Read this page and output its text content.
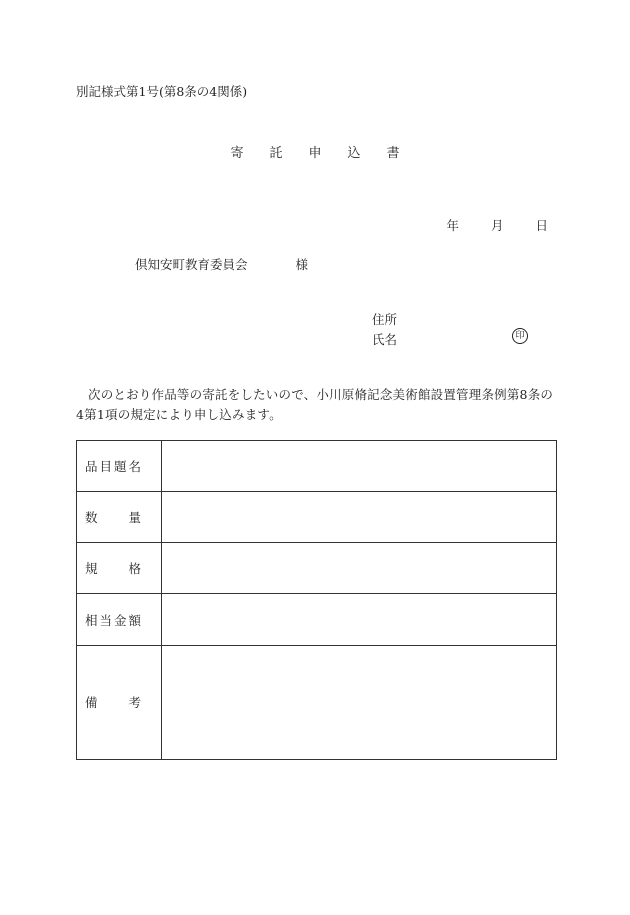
別記様式第1号(第8条の4関係)
寄 託 申 込 書
年	月	日
倶知安町教育委員会	様
住所
氏名	印
次のとおり作品等の寄託をしたいので、小川原脩記念美術館設置管理条例第8条の4第1項の規定により申し込みます。
品 目 題 名	

数 量	

規 格	

相 当 金 額	

備 考	
